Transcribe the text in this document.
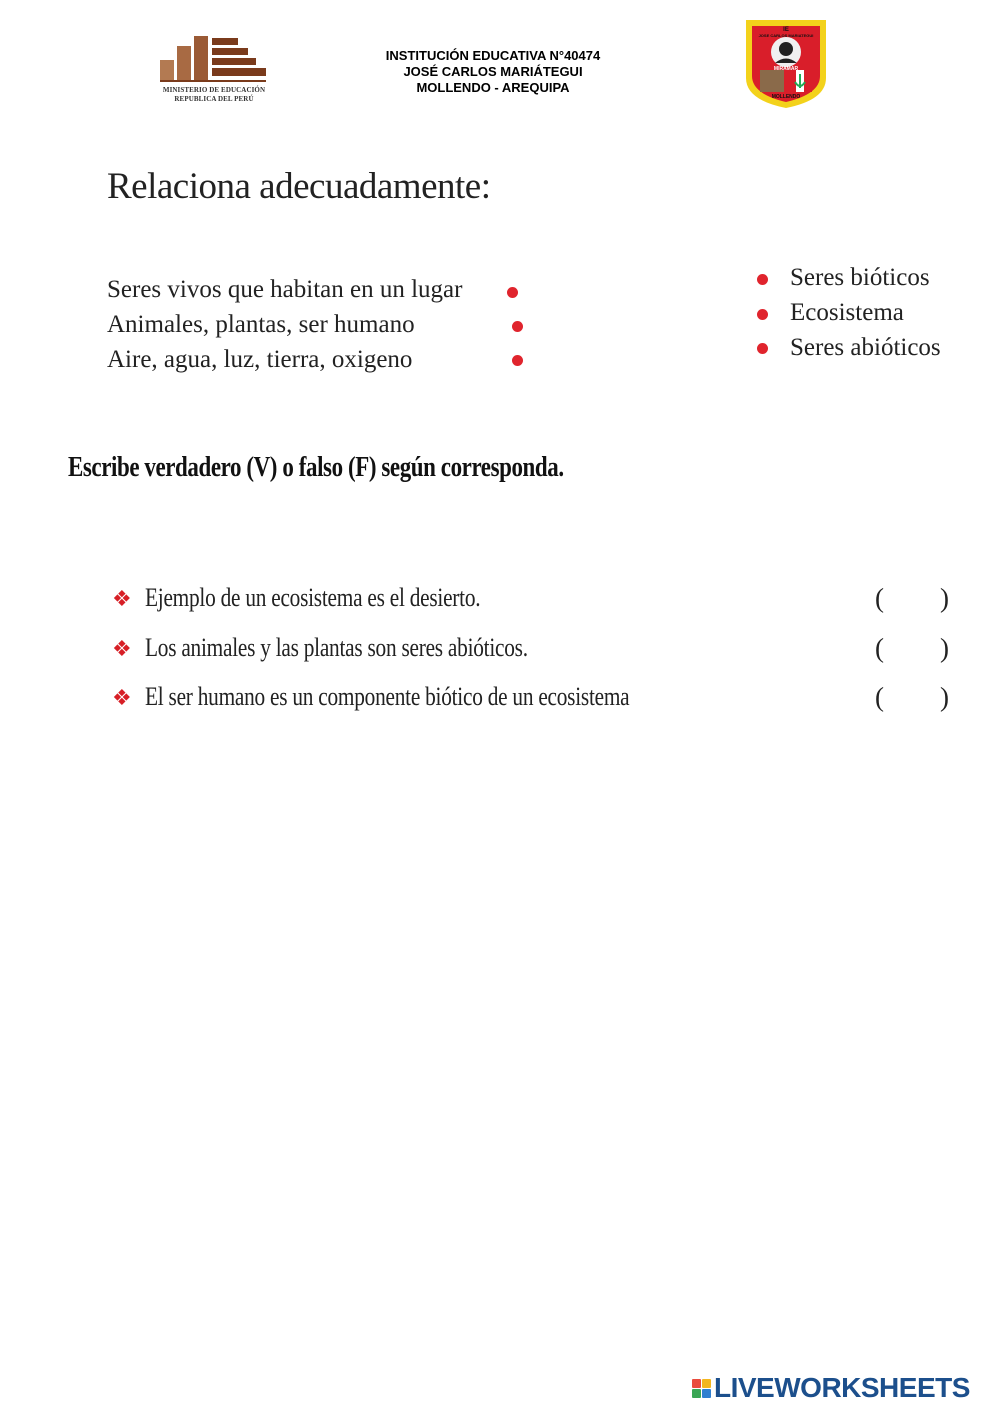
MINISTERIO DE EDUCACIÓN
REPUBLICA DEL PERÚ
INSTITUCIÓN EDUCATIVA N°40474
JOSÉ CARLOS MARIÁTEGUI
MOLLENDO - AREQUIPA
IE
JOSE CARLOS MARIATEGUI
MIRAMAR
MOLLENDO
Relaciona adecuadamente:
Seres vivos que habitan en un lugar
Animales, plantas, ser humano
Aire, agua, luz, tierra, oxigeno
Seres bióticos
Ecosistema
Seres abióticos
Escribe verdadero (V) o falso (F) según corresponda.
❖ Ejemplo de un ecosistema es el desierto.	( )
❖ Los animales y las plantas son seres abióticos.	( )
❖ El ser humano es un componente biótico de un ecosistema	( )
LIVEWORKSHEETS
